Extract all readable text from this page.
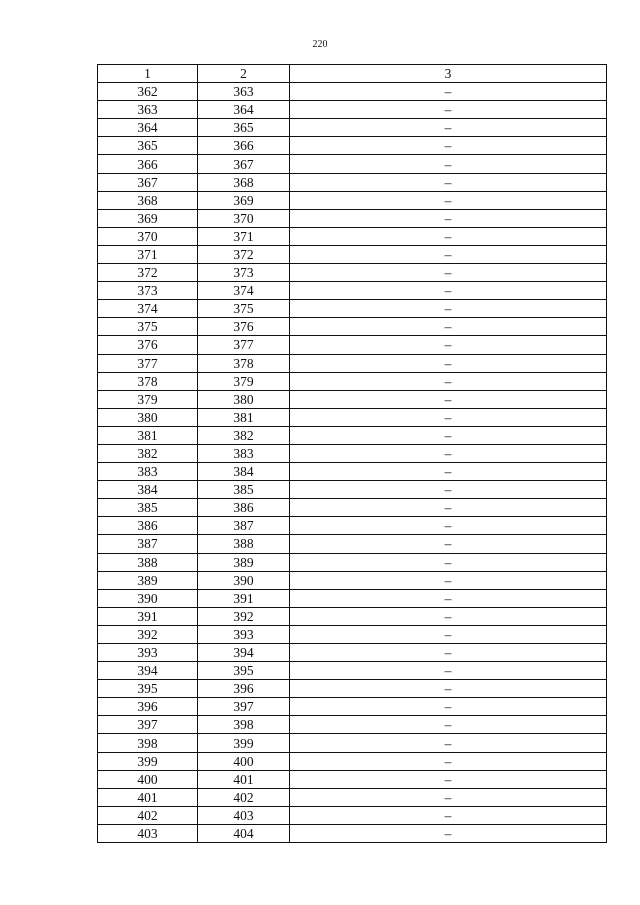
220
1	2	3
362	363	–
363	364	–
364	365	–
365	366	–
366	367	–
367	368	–
368	369	–
369	370	–
370	371	–
371	372	–
372	373	–
373	374	–
374	375	–
375	376	–
376	377	–
377	378	–
378	379	–
379	380	–
380	381	–
381	382	–
382	383	–
383	384	–
384	385	–
385	386	–
386	387	–
387	388	–
388	389	–
389	390	–
390	391	–
391	392	–
392	393	–
393	394	–
394	395	–
395	396	–
396	397	–
397	398	–
398	399	–
399	400	–
400	401	–
401	402	–
402	403	–
403	404	–
